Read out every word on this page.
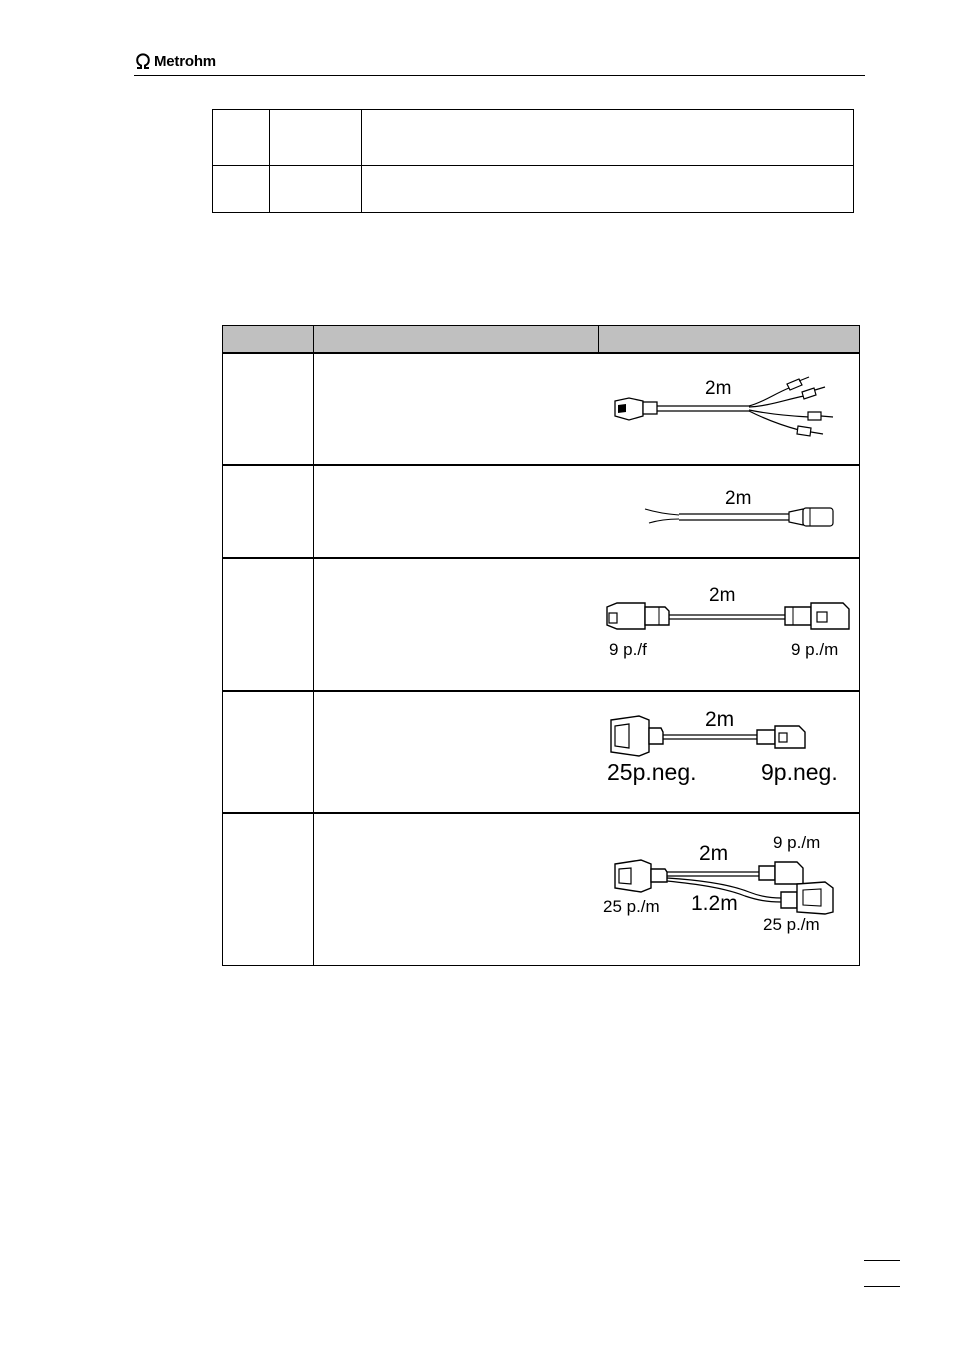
Metrohm

2m

2m

2m
9 p./f 9 p./m

2m
25p.neg. 9p.neg.

2m 9 p./m
25 p./m 1.2m
25 p./m
